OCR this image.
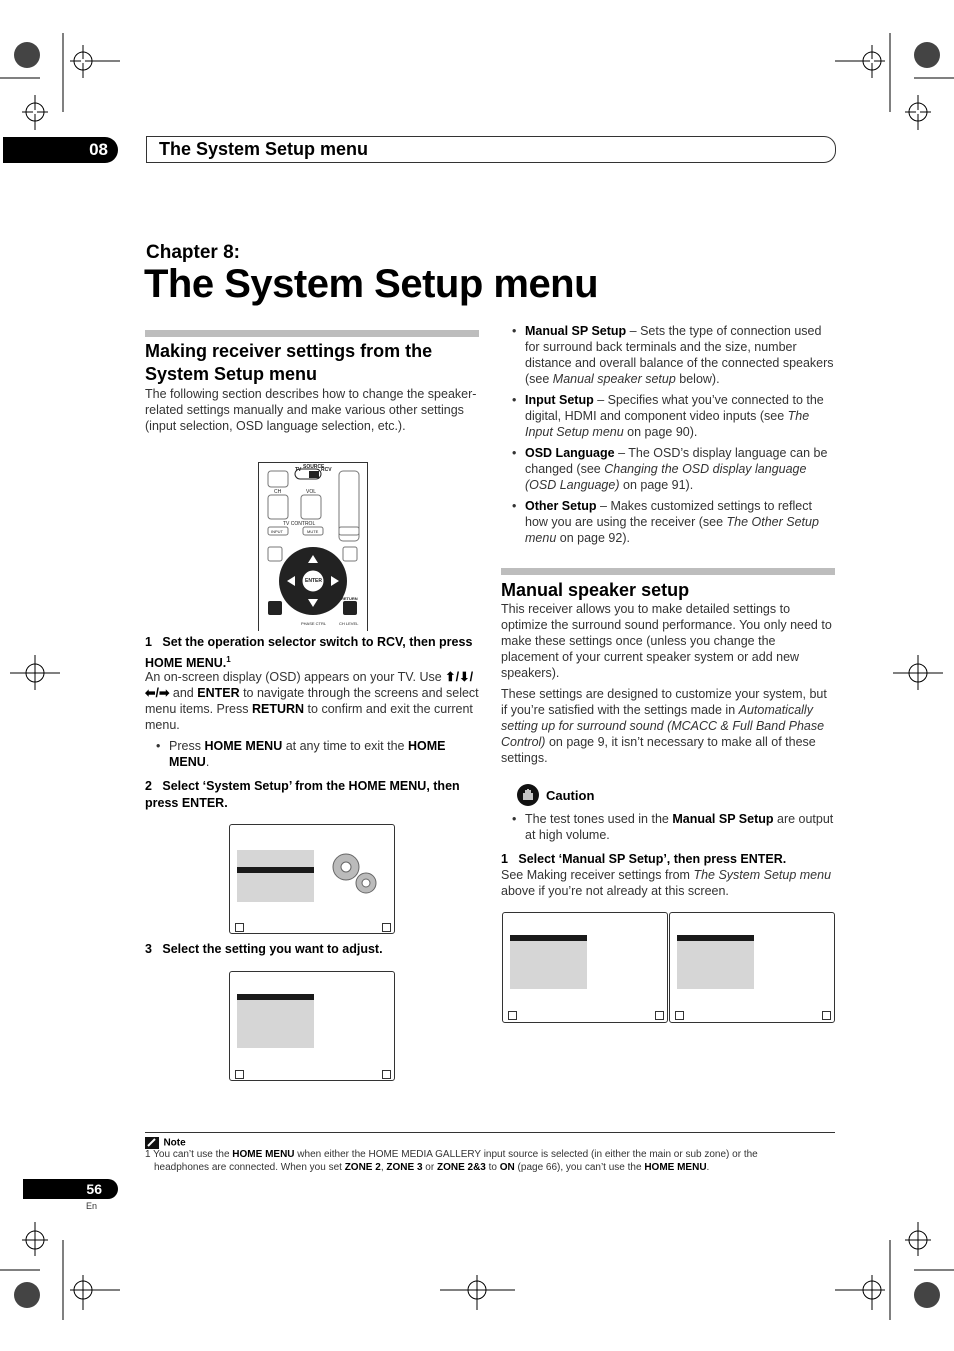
08	The System Setup menu
Chapter 8:
The System Setup menu
Making receiver settings from the System Setup menu
The following section describes how to change the speaker-related settings manually and make various other settings (input selection, OSD language selection, etc.).
TV SOURCE
RCV
CH	VOL
TV CONTROL
INPUT	MUTE
ENTER
RETURN
PHASE CTRL	CH LEVEL
1 Set the operation selector switch to RCV, then press HOME MENU.$^1$
An on-screen display (OSD) appears on your TV. Use ⬆/⬇/⬅/➡ and ENTER to navigate through the screens and select menu items. Press RETURN to confirm and exit the current menu.
• Press HOME MENU at any time to exit the HOME MENU.
2 Select ‘System Setup’ from the HOME MENU, then press ENTER.
3 Select the setting you want to adjust.
• Manual SP Setup – Sets the type of connection used for surround back terminals and the size, number distance and overall balance of the connected speakers (see Manual speaker setup below).
• Input Setup – Specifies what you’ve connected to the digital, HDMI and component video inputs (see The Input Setup menu on page 90).
• OSD Language – The OSD’s display language can be changed (see Changing the OSD display language (OSD Language) on page 91).
• Other Setup – Makes customized settings to reflect how you are using the receiver (see The Other Setup menu on page 92).
Manual speaker setup
This receiver allows you to make detailed settings to optimize the surround sound performance. You only need to make these settings once (unless you change the placement of your current speaker system or add new speakers).
These settings are designed to customize your system, but if you’re satisfied with the settings made in Automatically setting up for surround sound (MCACC & Full Band Phase Control) on page 9, it isn’t necessary to make all of these settings.
Caution
• The test tones used in the Manual SP Setup are output at high volume.
1 Select ‘Manual SP Setup’, then press ENTER.
See Making receiver settings from The System Setup menu above if you’re not already at this screen.
Note
1 You can’t use the HOME MENU when either the HOME MEDIA GALLERY input source is selected (in either the main or sub zone) or the
headphones are connected. When you set ZONE 2, ZONE 3 or ZONE 2&3 to ON (page 66), you can’t use the HOME MENU.
56
En
